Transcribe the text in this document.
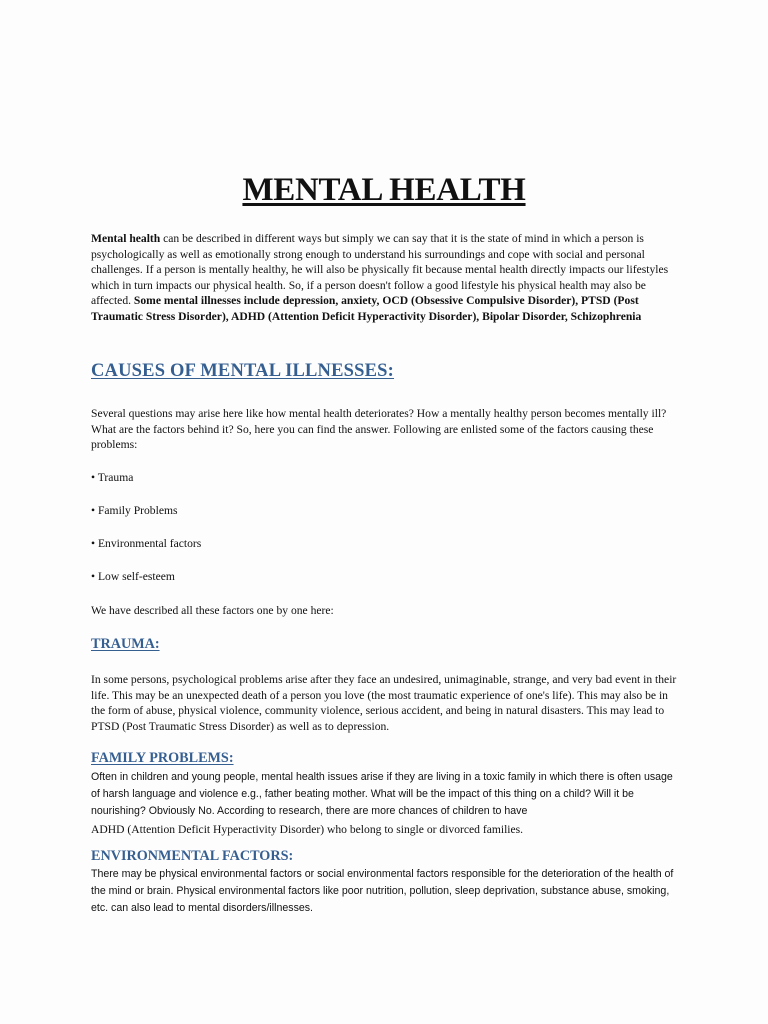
MENTAL HEALTH
Mental health can be described in different ways but simply we can say that it is the state of mind in which a person is psychologically as well as emotionally strong enough to understand his surroundings and cope with social and personal challenges. If a person is mentally healthy, he will also be physically fit because mental health directly impacts our lifestyles which in turn impacts our physical health. So, if a person doesn't follow a good lifestyle his physical health may also be affected. Some mental illnesses include depression, anxiety, OCD (Obsessive Compulsive Disorder), PTSD (Post Traumatic Stress Disorder), ADHD (Attention Deficit Hyperactivity Disorder), Bipolar Disorder, Schizophrenia
CAUSES OF MENTAL ILLNESSES:
Several questions may arise here like how mental health deteriorates? How a mentally healthy person becomes mentally ill? What are the factors behind it? So, here you can find the answer. Following are enlisted some of the factors causing these problems:
• Trauma
• Family Problems
• Environmental factors
• Low self-esteem
We have described all these factors one by one here:
TRAUMA:
In some persons, psychological problems arise after they face an undesired, unimaginable, strange, and very bad event in their life. This may be an unexpected death of a person you love (the most traumatic experience of one's life). This may also be in the form of abuse, physical violence, community violence, serious accident, and being in natural disasters. This may lead to PTSD (Post Traumatic Stress Disorder) as well as to depression.
FAMILY PROBLEMS:
Often in children and young people, mental health issues arise if they are living in a toxic family in which there is often usage of harsh language and violence e.g., father beating mother. What will be the impact of this thing on a child? Will it be nourishing? Obviously No. According to research, there are more chances of children to have
ADHD (Attention Deficit Hyperactivity Disorder) who belong to single or divorced families.
ENVIRONMENTAL FACTORS:
There may be physical environmental factors or social environmental factors responsible for the deterioration of the health of the mind or brain. Physical environmental factors like poor nutrition, pollution, sleep deprivation, substance abuse, smoking, etc. can also lead to mental disorders/illnesses.
